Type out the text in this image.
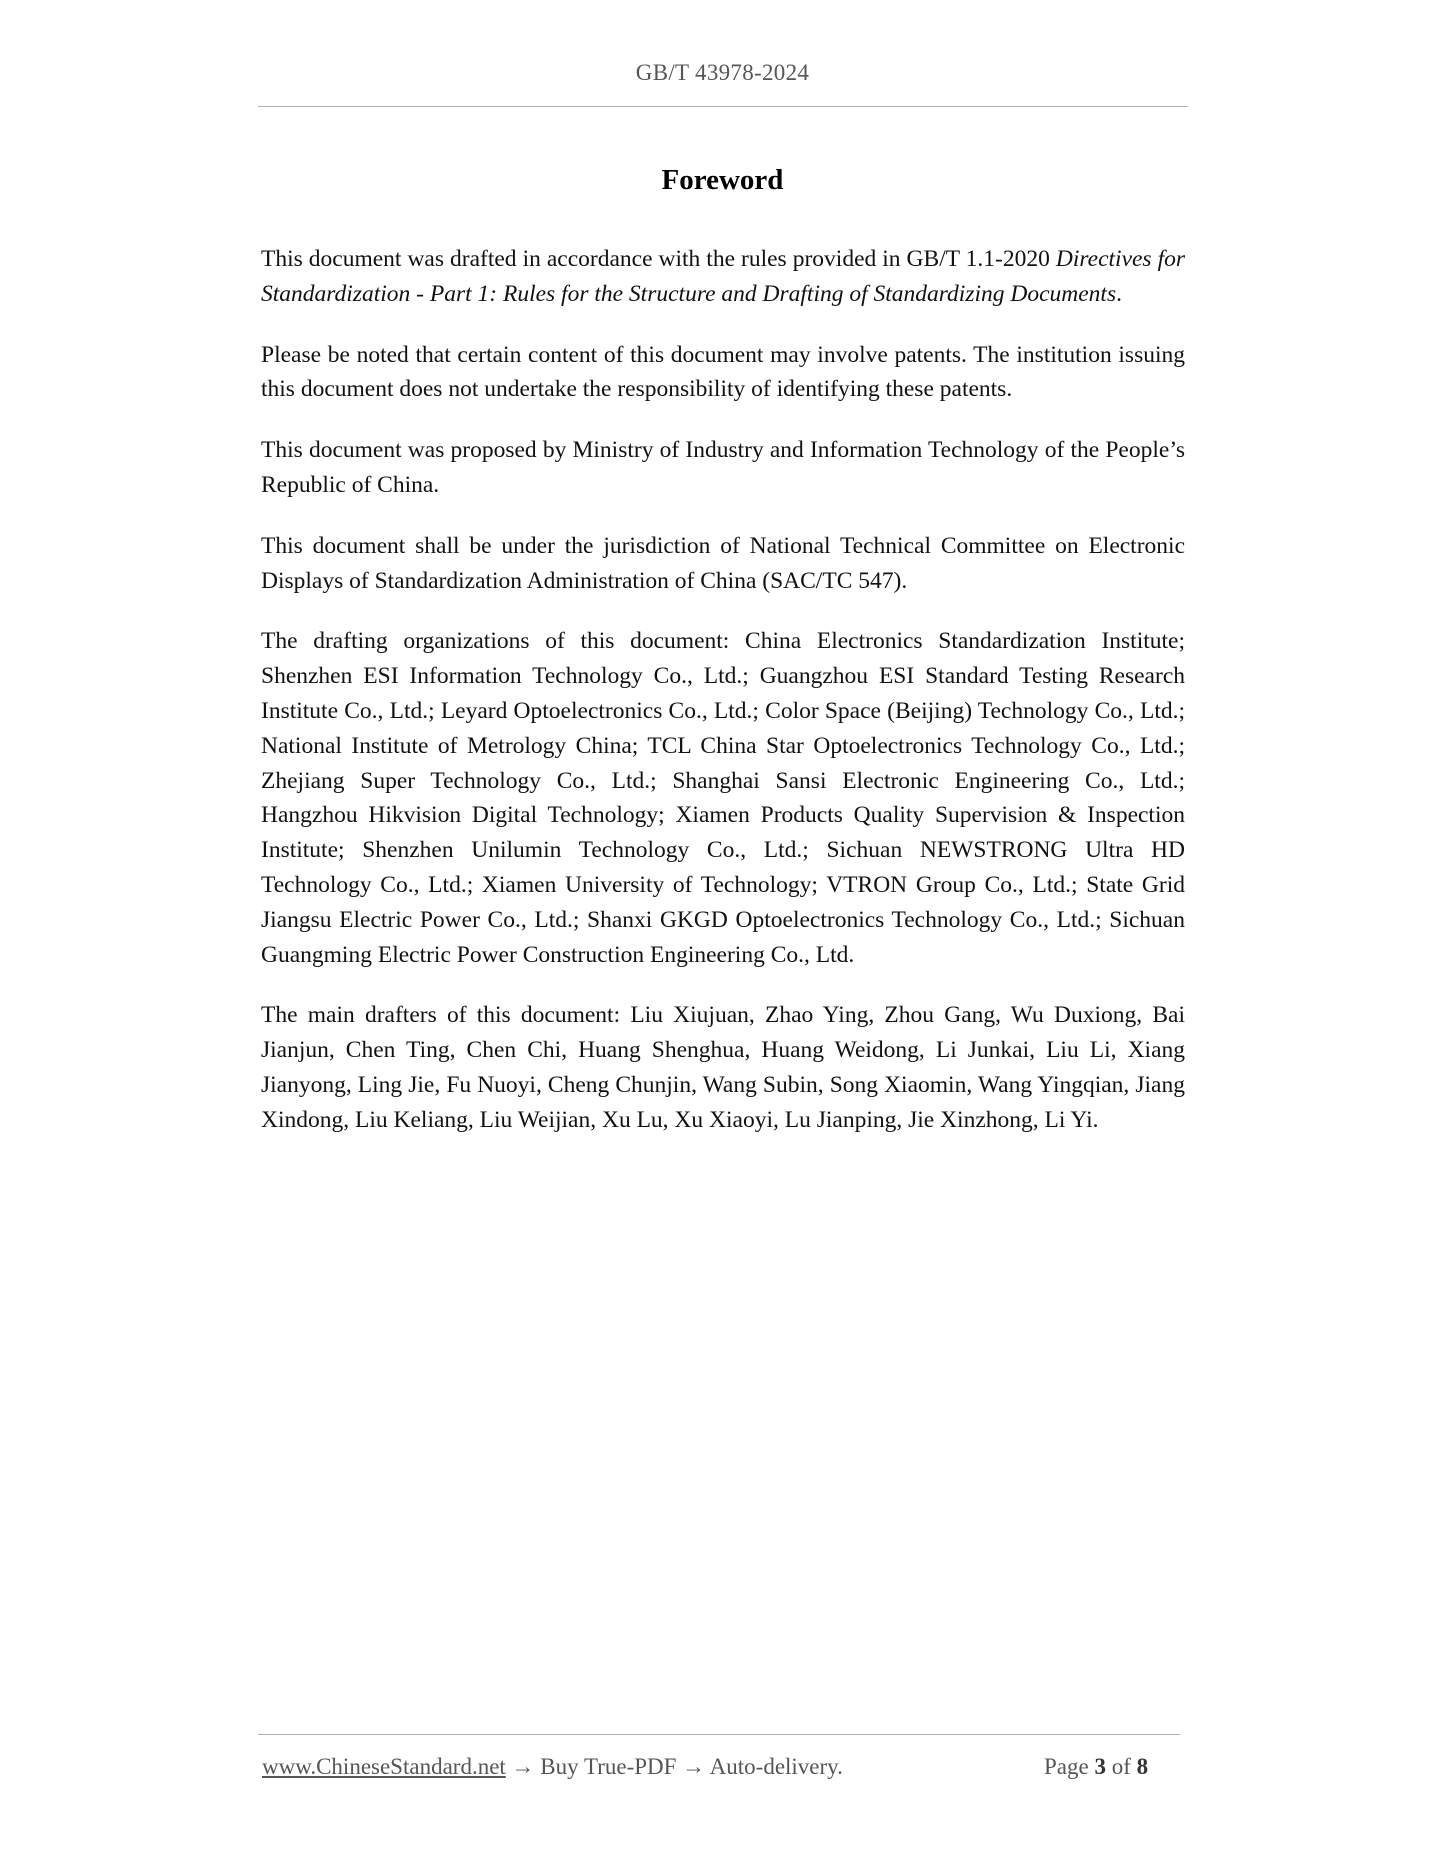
GB/T 43978-2024
Foreword

This document was drafted in accordance with the rules provided in GB/T 1.1-2020 Directives for Standardization - Part 1: Rules for the Structure and Drafting of Standardizing Documents.

Please be noted that certain content of this document may involve patents. The institution issuing this document does not undertake the responsibility of identifying these patents.

This document was proposed by Ministry of Industry and Information Technology of the People’s Republic of China.

This document shall be under the jurisdiction of National Technical Committee on Electronic Displays of Standardization Administration of China (SAC/TC 547).

The drafting organizations of this document: China Electronics Standardization Institute; Shenzhen ESI Information Technology Co., Ltd.; Guangzhou ESI Standard Testing Research Institute Co., Ltd.; Leyard Optoelectronics Co., Ltd.; Color Space (Beijing) Technology Co., Ltd.; National Institute of Metrology China; TCL China Star Optoelectronics Technology Co., Ltd.; Zhejiang Super Technology Co., Ltd.; Shanghai Sansi Electronic Engineering Co., Ltd.; Hangzhou Hikvision Digital Technology; Xiamen Products Quality Supervision & Inspection Institute; Shenzhen Unilumin Technology Co., Ltd.; Sichuan NEWSTRONG Ultra HD Technology Co., Ltd.; Xiamen University of Technology; VTRON Group Co., Ltd.; State Grid Jiangsu Electric Power Co., Ltd.; Shanxi GKGD Optoelectronics Technology Co., Ltd.; Sichuan Guangming Electric Power Construction Engineering Co., Ltd.

The main drafters of this document: Liu Xiujuan, Zhao Ying, Zhou Gang, Wu Duxiong, Bai Jianjun, Chen Ting, Chen Chi, Huang Shenghua, Huang Weidong, Li Junkai, Liu Li, Xiang Jianyong, Ling Jie, Fu Nuoyi, Cheng Chunjin, Wang Subin, Song Xiaomin, Wang Yingqian, Jiang Xindong, Liu Keliang, Liu Weijian, Xu Lu, Xu Xiaoyi, Lu Jianping, Jie Xinzhong, Li Yi.

www.ChineseStandard.net → Buy True-PDF → Auto-delivery.	Page 3 of 8
